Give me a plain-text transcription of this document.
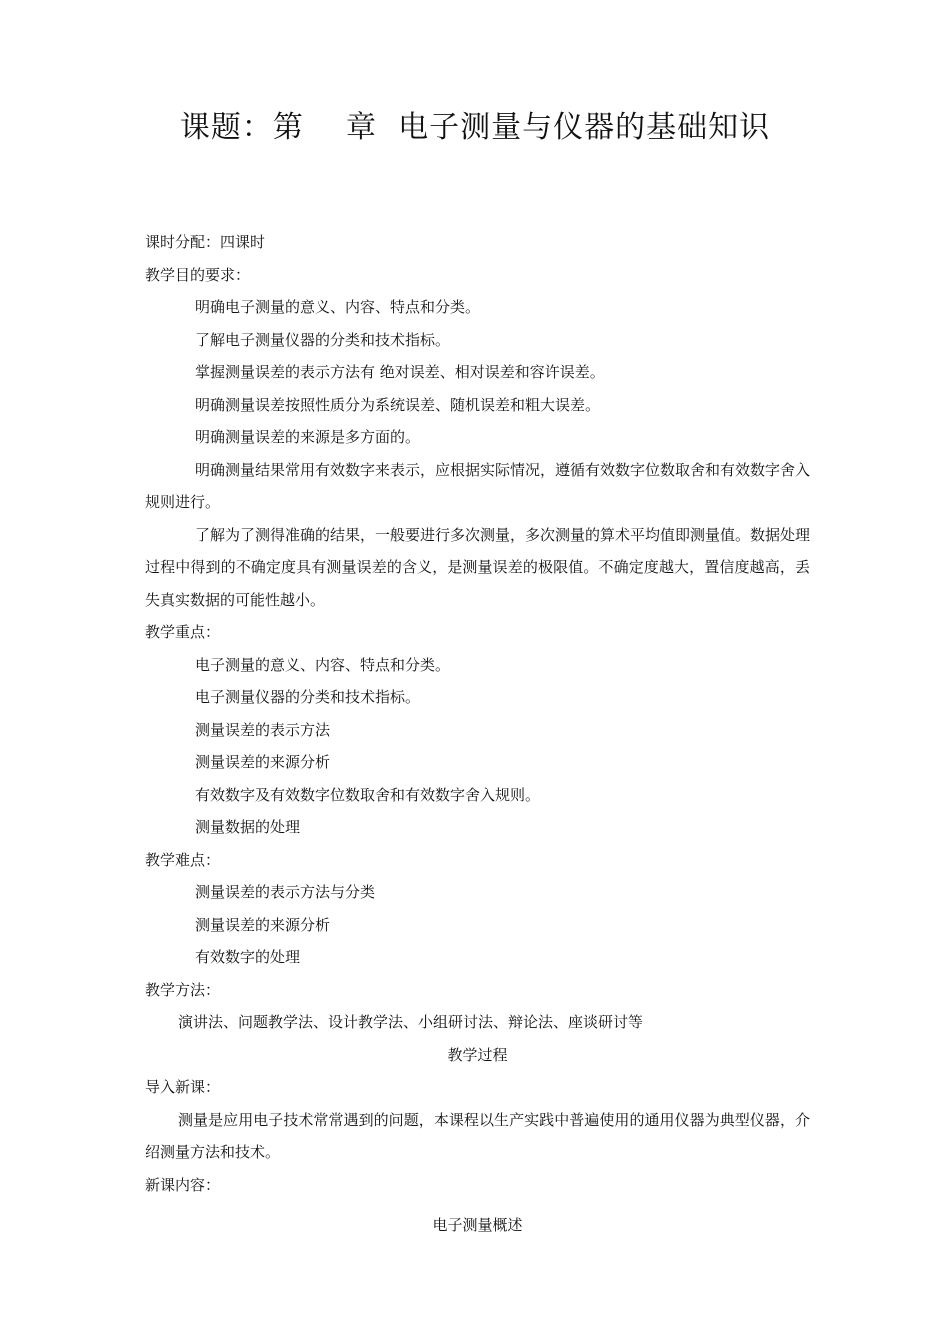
课题：第    章  电子测量与仪器的基础知识

课时分配：四课时

教学目的要求：

明确电子测量的意义、内容、特点和分类。

了解电子测量仪器的分类和技术指标。

掌握测量误差的表示方法有 绝对误差、相对误差和容许误差。

明确测量误差按照性质分为系统误差、随机误差和粗大误差。

明确测量误差的来源是多方面的。

明确测量结果常用有效数字来表示，应根据实际情况，遵循有效数字位数取舍和有效数字舍入规则进行。

了解为了测得准确的结果，一般要进行多次测量，多次测量的算术平均值即测量值。数据处理过程中得到的不确定度具有测量误差的含义，是测量误差的极限值。不确定度越大，置信度越高，丢失真实数据的可能性越小。

教学重点：

电子测量的意义、内容、特点和分类。

电子测量仪器的分类和技术指标。

测量误差的表示方法

测量误差的来源分析

有效数字及有效数字位数取舍和有效数字舍入规则。

测量数据的处理

教学难点：

测量误差的表示方法与分类

测量误差的来源分析

有效数字的处理

教学方法：

演讲法、问题教学法、设计教学法、小组研讨法、辩论法、座谈研讨等

教学过程

导入新课：

测量是应用电子技术常常遇到的问题，本课程以生产实践中普遍使用的通用仪器为典型仪器，介绍测量方法和技术。

新课内容：

电子测量概述
